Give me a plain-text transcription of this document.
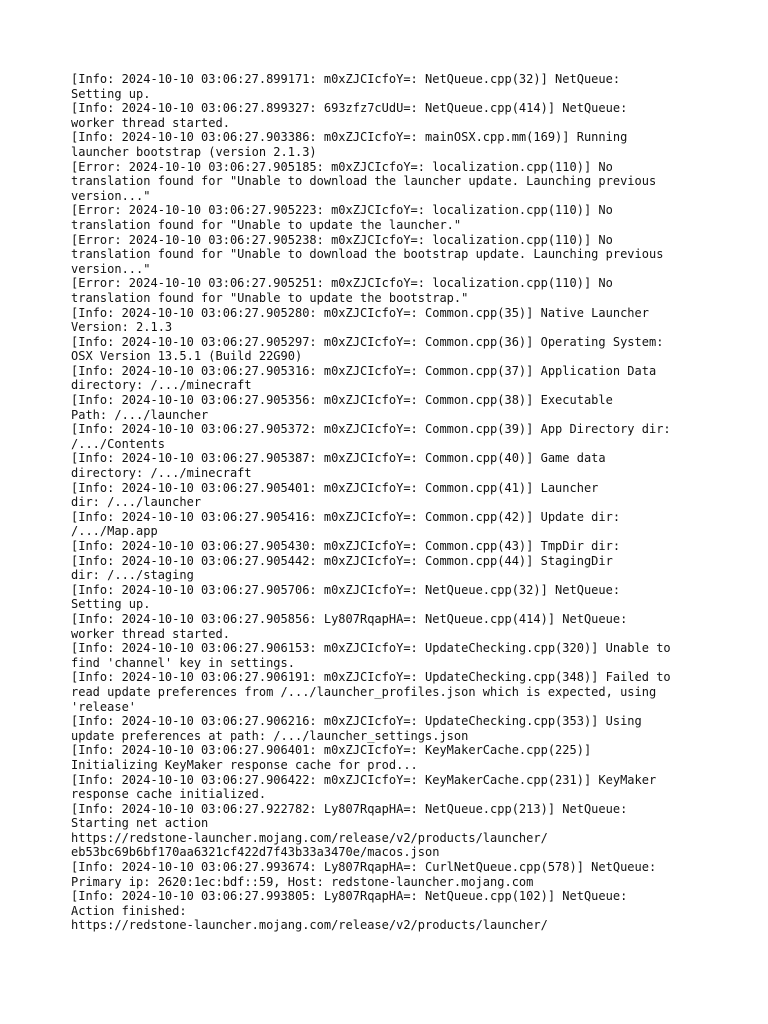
[Info: 2024-10-10 03:06:27.899171: m0xZJCIcfoY=: NetQueue.cpp(32)] NetQueue:
Setting up.
[Info: 2024-10-10 03:06:27.899327: 693zfz7cUdU=: NetQueue.cpp(414)] NetQueue:
worker thread started.
[Info: 2024-10-10 03:06:27.903386: m0xZJCIcfoY=: mainOSX.cpp.mm(169)] Running
launcher bootstrap (version 2.1.3)
[Error: 2024-10-10 03:06:27.905185: m0xZJCIcfoY=: localization.cpp(110)] No
translation found for "Unable to download the launcher update. Launching previous
version..."
[Error: 2024-10-10 03:06:27.905223: m0xZJCIcfoY=: localization.cpp(110)] No
translation found for "Unable to update the launcher."
[Error: 2024-10-10 03:06:27.905238: m0xZJCIcfoY=: localization.cpp(110)] No
translation found for "Unable to download the bootstrap update. Launching previous
version..."
[Error: 2024-10-10 03:06:27.905251: m0xZJCIcfoY=: localization.cpp(110)] No
translation found for "Unable to update the bootstrap."
[Info: 2024-10-10 03:06:27.905280: m0xZJCIcfoY=: Common.cpp(35)] Native Launcher
Version: 2.1.3
[Info: 2024-10-10 03:06:27.905297: m0xZJCIcfoY=: Common.cpp(36)] Operating System:
OSX Version 13.5.1 (Build 22G90)
[Info: 2024-10-10 03:06:27.905316: m0xZJCIcfoY=: Common.cpp(37)] Application Data
directory: /.../minecraft
[Info: 2024-10-10 03:06:27.905356: m0xZJCIcfoY=: Common.cpp(38)] Executable
Path: /.../launcher
[Info: 2024-10-10 03:06:27.905372: m0xZJCIcfoY=: Common.cpp(39)] App Directory dir:
/.../Contents
[Info: 2024-10-10 03:06:27.905387: m0xZJCIcfoY=: Common.cpp(40)] Game data
directory: /.../minecraft
[Info: 2024-10-10 03:06:27.905401: m0xZJCIcfoY=: Common.cpp(41)] Launcher
dir: /.../launcher
[Info: 2024-10-10 03:06:27.905416: m0xZJCIcfoY=: Common.cpp(42)] Update dir:
/.../Map.app
[Info: 2024-10-10 03:06:27.905430: m0xZJCIcfoY=: Common.cpp(43)] TmpDir dir:
[Info: 2024-10-10 03:06:27.905442: m0xZJCIcfoY=: Common.cpp(44)] StagingDir
dir: /.../staging
[Info: 2024-10-10 03:06:27.905706: m0xZJCIcfoY=: NetQueue.cpp(32)] NetQueue:
Setting up.
[Info: 2024-10-10 03:06:27.905856: Ly807RqapHA=: NetQueue.cpp(414)] NetQueue:
worker thread started.
[Info: 2024-10-10 03:06:27.906153: m0xZJCIcfoY=: UpdateChecking.cpp(320)] Unable to
find 'channel' key in settings.
[Info: 2024-10-10 03:06:27.906191: m0xZJCIcfoY=: UpdateChecking.cpp(348)] Failed to
read update preferences from /.../launcher_profiles.json which is expected, using
'release'
[Info: 2024-10-10 03:06:27.906216: m0xZJCIcfoY=: UpdateChecking.cpp(353)] Using
update preferences at path: /.../launcher_settings.json
[Info: 2024-10-10 03:06:27.906401: m0xZJCIcfoY=: KeyMakerCache.cpp(225)]
Initializing KeyMaker response cache for prod...
[Info: 2024-10-10 03:06:27.906422: m0xZJCIcfoY=: KeyMakerCache.cpp(231)] KeyMaker
response cache initialized.
[Info: 2024-10-10 03:06:27.922782: Ly807RqapHA=: NetQueue.cpp(213)] NetQueue:
Starting net action
https://redstone-launcher.mojang.com/release/v2/products/launcher/
eb53bc69b6bf170aa6321cf422d7f43b33a3470e/macos.json
[Info: 2024-10-10 03:06:27.993674: Ly807RqapHA=: CurlNetQueue.cpp(578)] NetQueue:
Primary ip: 2620:1ec:bdf::59, Host: redstone-launcher.mojang.com
[Info: 2024-10-10 03:06:27.993805: Ly807RqapHA=: NetQueue.cpp(102)] NetQueue:
Action finished:
https://redstone-launcher.mojang.com/release/v2/products/launcher/
